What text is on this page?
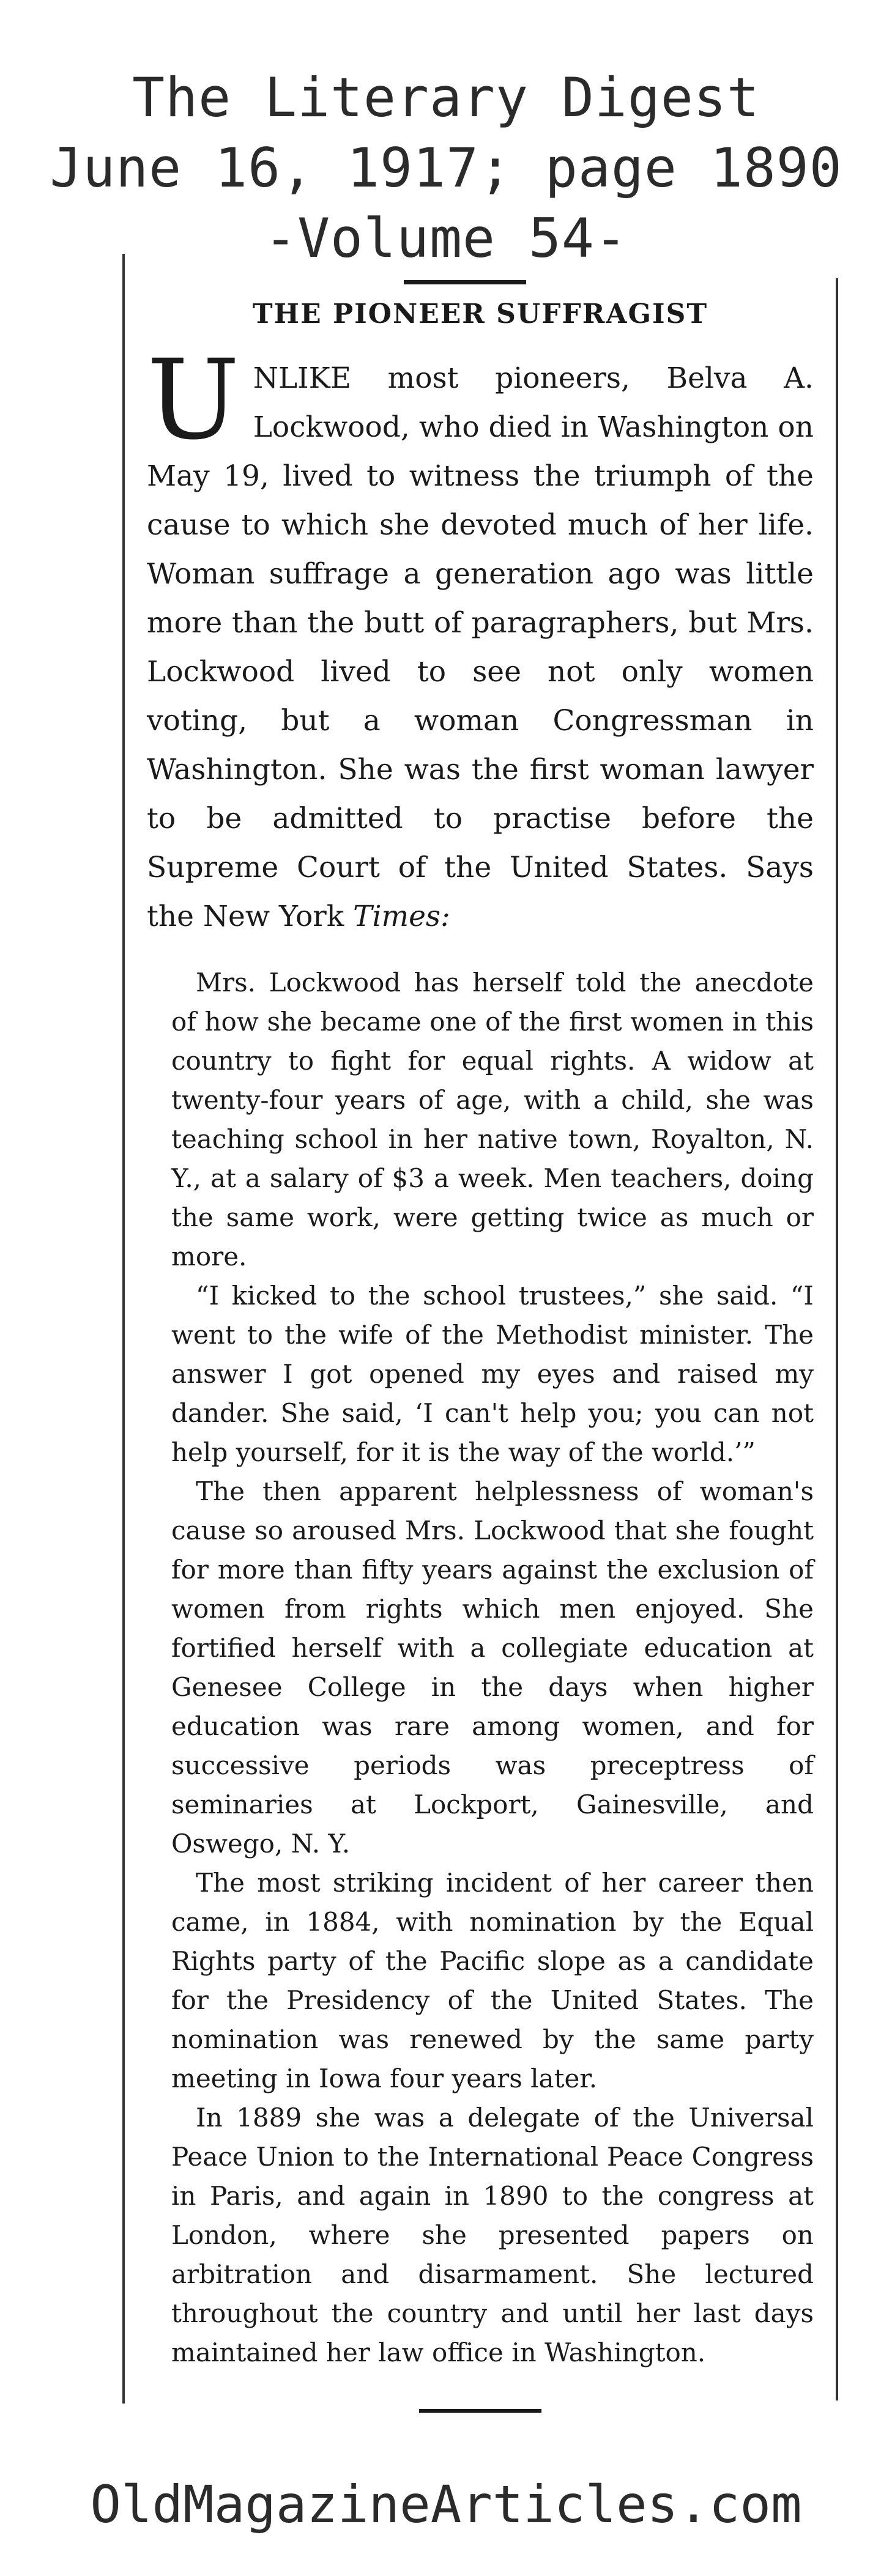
The Literary Digest
June 16, 1917; page 1890
-Volume 54-
THE PIONEER SUFFRAGIST

UNLIKE most pioneers, Belva A. Lockwood, who died in Washington on May 19, lived to witness the triumph of the cause to which she devoted much of her life. Woman suffrage a generation ago was little more than the butt of paragraphers, but Mrs. Lockwood lived to see not only women voting, but a woman Congressman in Washington. She was the first woman lawyer to be admitted to practise before the Supreme Court of the United States. Says the New York Times:

Mrs. Lockwood has herself told the anecdote of how she became one of the first women in this country to fight for equal rights. A widow at twenty-four years of age, with a child, she was teaching school in her native town, Royalton, N. Y., at a salary of $3 a week. Men teachers, doing the same work, were getting twice as much or more.

“I kicked to the school trustees,” she said. “I went to the wife of the Methodist minister. The answer I got opened my eyes and raised my dander. She said, ‘I can't help you; you can not help yourself, for it is the way of the world.’”

The then apparent helplessness of woman's cause so aroused Mrs. Lockwood that she fought for more than fifty years against the exclusion of women from rights which men enjoyed. She fortified herself with a collegiate education at Genesee College in the days when higher education was rare among women, and for successive periods was preceptress of seminaries at Lockport, Gainesville, and Oswego, N. Y.

The most striking incident of her career then came, in 1884, with nomination by the Equal Rights party of the Pacific slope as a candidate for the Presidency of the United States. The nomination was renewed by the same party meeting in Iowa four years later.

In 1889 she was a delegate of the Universal Peace Union to the International Peace Congress in Paris, and again in 1890 to the congress at London, where she presented papers on arbitration and disarmament. She lectured throughout the country and until her last days maintained her law office in Washington.

OldMagazineArticles.com
